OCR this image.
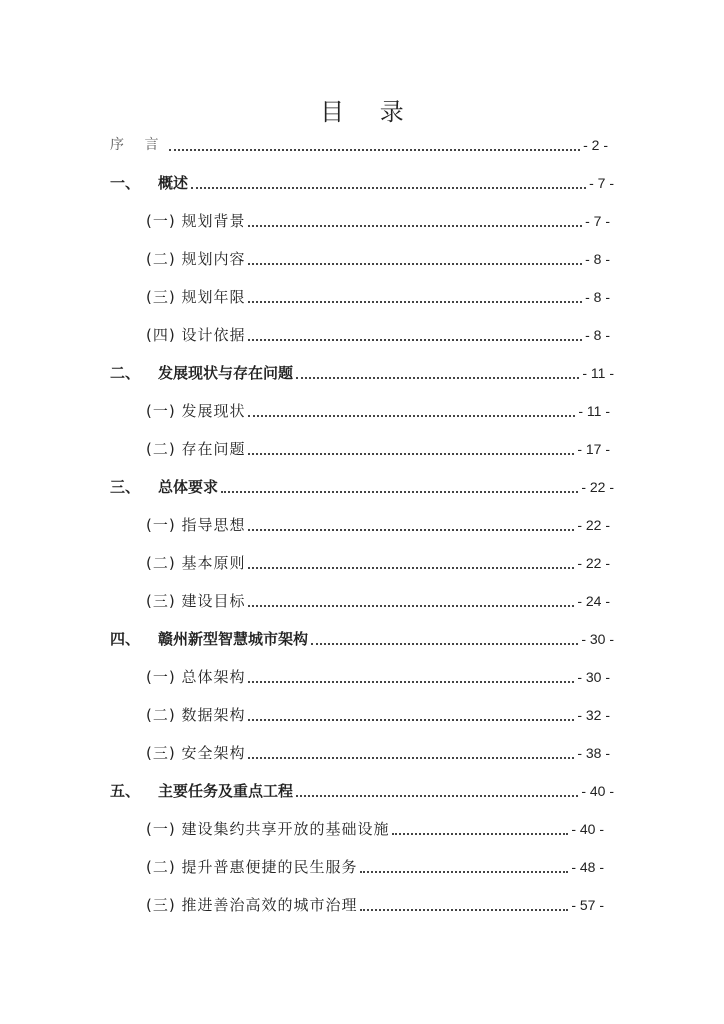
目 录
序 言	- 2 -
一、	概述	- 7 -
(一) 规划背景	- 7 -
(二) 规划内容	- 8 -
(三) 规划年限	- 8 -
(四) 设计依据	- 8 -
二、	发展现状与存在问题	- 11 -
(一) 发展现状	- 11 -
(二) 存在问题	- 17 -
三、	总体要求	- 22 -
(一) 指导思想	- 22 -
(二) 基本原则	- 22 -
(三) 建设目标	- 24 -
四、	赣州新型智慧城市架构	- 30 -
(一) 总体架构	- 30 -
(二) 数据架构	- 32 -
(三) 安全架构	- 38 -
五、	主要任务及重点工程	- 40 -
(一) 建设集约共享开放的基础设施	- 40 -
(二) 提升普惠便捷的民生服务	- 48 -
(三) 推进善治高效的城市治理	- 57 -
